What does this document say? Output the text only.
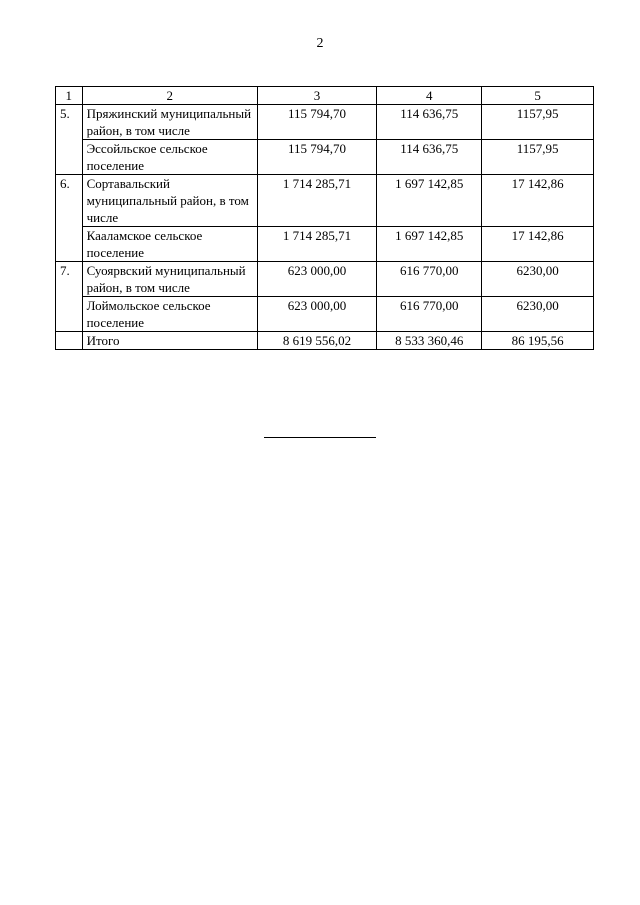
2
1	2	3	4	5
5.	Пряжинский муниципальный район, в том числе	115 794,70	114 636,75	1157,95
	Эссойльское сельское поселение	115 794,70	114 636,75	1157,95
6.	Сортавальский муниципальный район, в том числе	1 714 285,71	1 697 142,85	17 142,86
	Кааламское сельское поселение	1 714 285,71	1 697 142,85	17 142,86
7.	Суоярвский муниципальный район, в том числе	623 000,00	616 770,00	6230,00
	Лоймольское сельское поселение	623 000,00	616 770,00	6230,00
	Итого	8 619 556,02	8 533 360,46	86 195,56
